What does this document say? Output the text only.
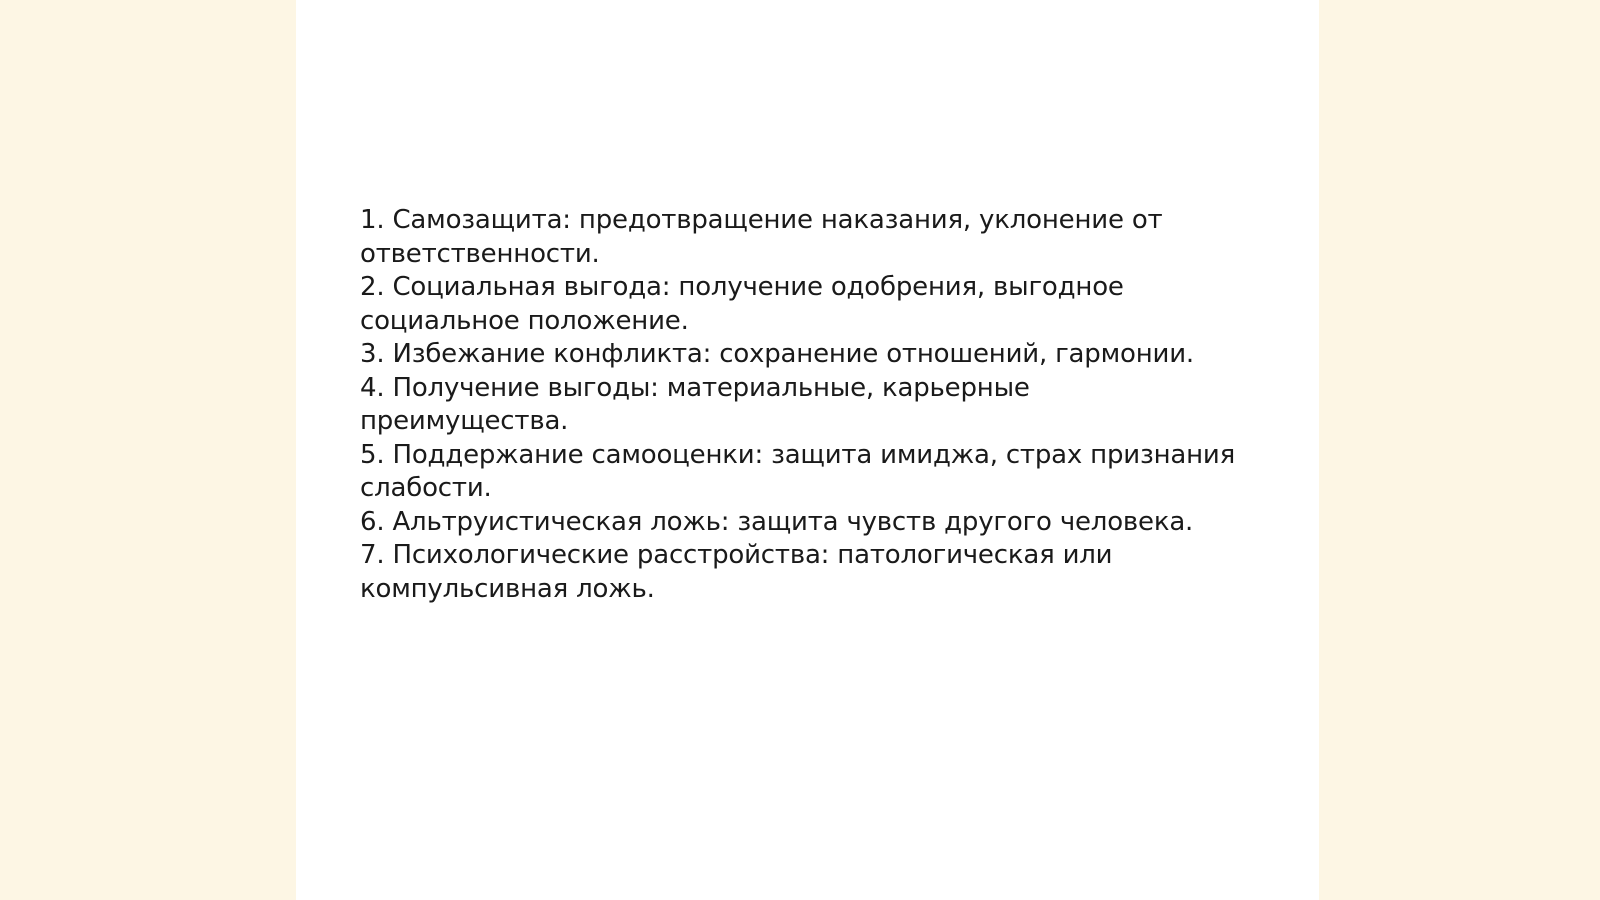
1. Самозащита: предотвращение наказания, уклонение от ответственности.

2. Социальная выгода: получение одобрения, выгодное социальное положение.

3. Избежание конфликта: сохранение отношений, гармонии.

4. Получение выгоды: материальные, карьерные преимущества.

5. Поддержание самооценки: защита имиджа, страх признания слабости.

6. Альтруистическая ложь: защита чувств другого человека.

7. Психологические расстройства: патологическая или компульсивная ложь.
